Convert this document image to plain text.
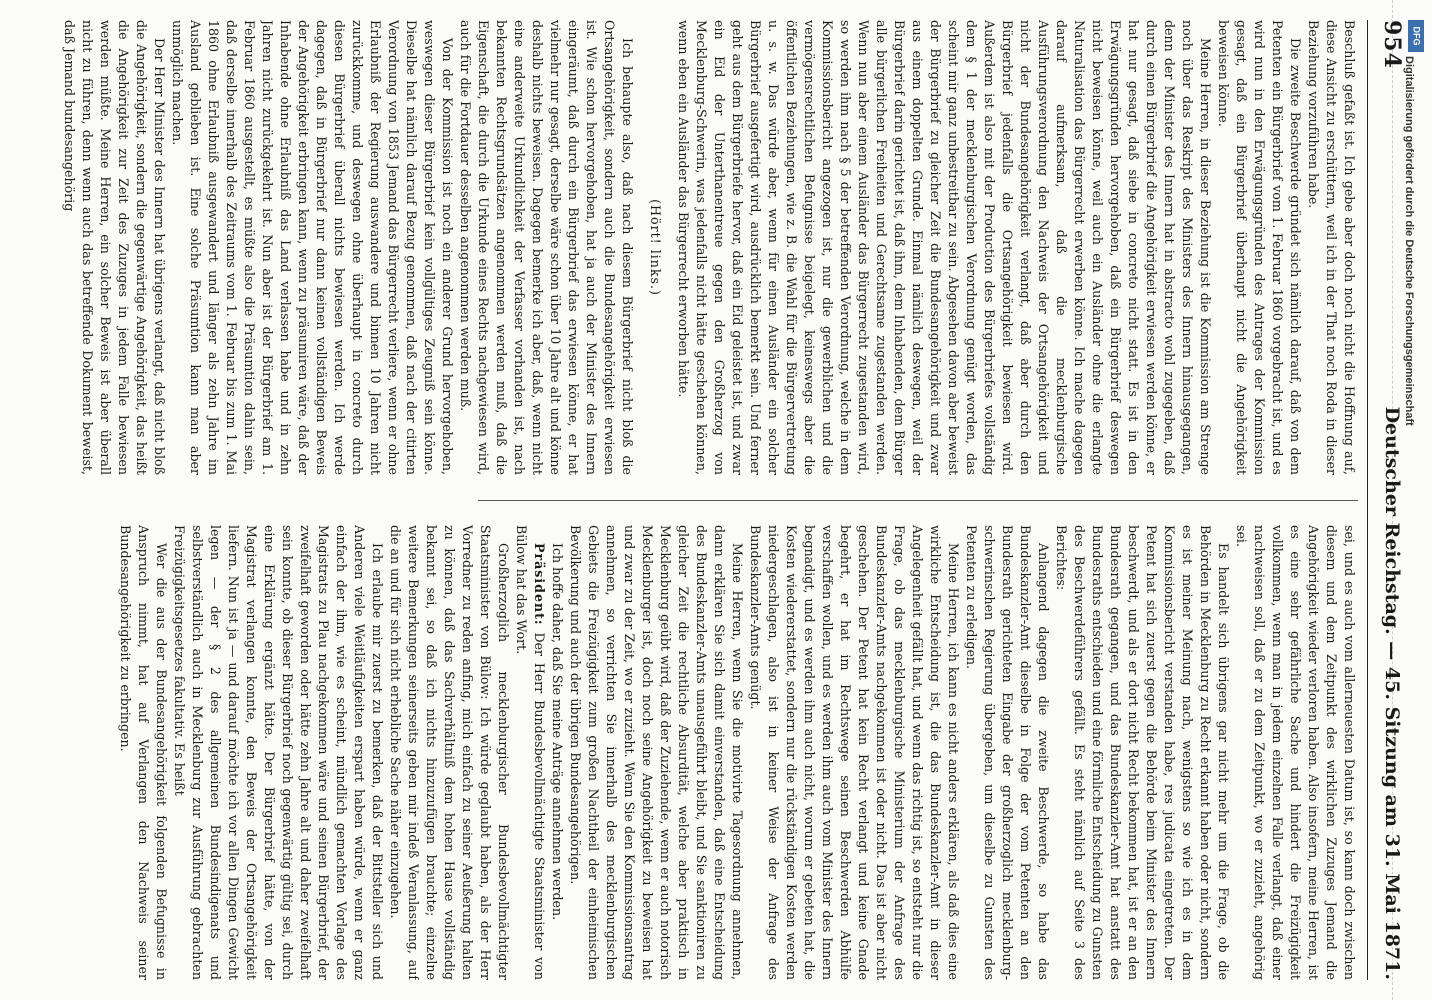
954
Deutscher Reichstag. — 45. Sitzung am 31. Mai 1871.

Beschluß gefaßt ist. Ich gebe aber doch noch nicht die Hoffnung auf, diese Ansicht zu erschüttern, weil ich in der That noch Roda in dieser Beziehung vorzuführen habe.

Die zweite Beschwerde gründet sich nämlich darauf, daß von dem Petenten ein Bürgerbrief vom 1. Februar 1860 vorgebracht ist, und es wird nun in den Erwägungsgründen des Antrages der Kommission gesagt, daß ein Bürgerbrief überhaupt nicht die Angehörigkeit beweisen könne.

Meine Herren, in dieser Beziehung ist die Kommission am Strenge noch über das Reskript des Ministers des Innern hinausgegangen, denn der Minister des Innern hat in abstracto wohl zugegeben, daß durch einen Bürgerbrief die Angehörigkeit erwiesen werden könne, er hat nur gesagt, daß siebe in concreto nicht statt. Es ist in den Erwägungsgründen hervorgehoben, daß ein Bürgerbrief deswegen nicht beweisen könne, weil auch ein Ausländer ohne die erlangte Naturalisation das Bürgerrecht erwerben könne. Ich mache dagegen darauf aufmerksam, daß die mecklenburgische Ausführungsverordnung den Nachweis der Ortsangehörigkeit und nicht der Bundesangehörigkeit verlangt, daß aber durch den Bürgerbrief jedenfalls die Ortsangehörigkeit bewiesen wird. Außerdem ist also mit der Production des Bürgerbriefes vollständig dem § 1 der mecklenburgischen Verordnung genügt worden, das scheint mir ganz unbestreitbar zu sein. Abgesehen davon aber beweist der Bürgerbrief zu gleicher Zeit die Bundesangehörigkeit und zwar aus einem doppelten Grunde. Einmal nämlich deswegen, weil der Bürgerbrief darin gerichtet ist, daß ihm, dem Inhabenden, dem Bürger alle bürgerlichen Freiheiten und Gerechtsame zugestanden werden. Wenn nun aber einem Ausländer das Bürgerrecht zugestanden wird, so werden ihm nach § 5 der betreffenden Verordnung, welche in dem Kommissionsbericht angezogen ist, nur die gewerblichen und die vermögensrechtlichen Befugnisse beigelegt, keineswegs aber die öffentlichen Beziehungen, wie z. B. die Wahl für die Bürgervertretung u. s. w. Das würde aber, wenn für einen Ausländer ein solcher Bürgerbrief ausgefertigt wird, ausdrücklich bemerkt sein. Und ferner geht aus dem Bürgerbriefe hervor, daß ein Eid geleistet ist, und zwar ein Eid der Unterthanentreue gegen den Großherzog von Mecklenburg-Schwerin, was jedenfalls nicht hätte geschehen können, wenn eben ein Ausländer das Bürgerrecht erworben hätte.

(Hört! links.)

Ich behaupte also, daß nach diesem Bürgerbrief nicht bloß die Ortsangehörigkeit, sondern auch die Bundesangehörigkeit erwiesen ist. Wie schon hervorgehoben, hat ja auch der Minister des Innern eingeräumt, daß durch ein Bürgerbrief das erwiesen könne, er hat vielmehr nur gesagt, derselbe wäre schon über 10 Jahre alt und könne deshalb nichts beweisen. Dagegen bemerke ich aber, daß, wenn nicht eine anderweite Urkundlichkeit der Verfasser vorhanden ist, nach bekannten Rechtsgrundsätzen angenommen werden muß, daß die Eigenschaft, die durch die Urkunde eines Rechts nachgewiesen wird, auch für die Fortdauer desselben angenommen werden muß.

Von der Kommission ist noch ein anderer Grund hervorgehoben, weswegen dieser Bürgerbrief kein vollgültiges Zeugniß sein könne. Dieselbe hat nämlich darauf Bezug genommen, daß nach der citirten Verordnung von 1853 Jemand das Bürgerrecht verliere, wenn er ohne Erlaubniß der Regierung auswandere und binnen 10 Jahren nicht zurückkomme, und deswegen ohne überhaupt in concreto durch diesen Bürgerbrief überall nichts bewiesen werden. Ich werde dagegen, daß in Bürgerbrief nur dann keinen vollständigen Beweis der Angehörigkeit erbringen kann, wenn zu präsumiren wäre, daß der Inhabende ohne Erlaubniß das Land verlassen habe und in zehn Jahren nicht zurückgekehrt ist. Nun aber ist der Bürgerbrief am 1. Februar 1860 ausgestellt, es müßte also die Präsumtion dahin sein, daß derselbe innerhalb des Zeitraums vom 1. Februar bis zum 1. Mai 1860 ohne Erlaubniß ausgewandert und länger als zehn Jahre im Ausland geblieben ist. Eine solche Präsumtion kann man aber unmöglich machen.

Der Herr Minister des Innern hat übrigens verlangt, daß nicht bloß die Angehörigkeit, sondern die gegenwärtige Angehörigkeit, das heißt die Angehörigkeit zur Zeit des Zuzuges in jedem Falle bewiesen werden müßte. Meine Herren, ein solcher Beweis ist aber überall nicht zu führen, denn wenn auch das betreffende Dokument beweist, daß Jemand bundesangehörig

sei, und es auch vom allerneuesten Datum ist, so kann doch zwischen diesem und dem Zeitpunkt des wirklichen Zuzuges Jemand die Angehörigkeit wieder verloren haben. Also insofern, meine Herren, ist es eine sehr gefährliche Sache und hindert die Freizügigkeit vollkommen, wenn man in jedem einzelnen Falle verlangt, daß einer nachweisen soll, daß er zu dem Zeitpunkt, wo er zuzieht, angehörig sei.

Es handelt sich übrigens gar nicht mehr um die Frage, ob die Behörden in Mecklenburg zu Recht erkannt haben oder nicht, sondern es ist meiner Meinung nach, wenigstens so wie ich es in dem Kommissionsbericht verstanden habe, res judicata eingetreten. Der Petent hat sich zuerst gegen die Behörde beim Minister des Innern beschwerdt, und als er dort nicht Recht bekommen hat, ist er an den Bundesrath gegangen, und das Bundeskanzler-Amt hat anstatt des Bundesraths entschieden und eine förmliche Entscheidung zu Gunsten des Beschwerdeführers gefällt. Es steht nämlich auf Seite 3 des Berichtes:

Anlangend dagegen die zweite Beschwerde, so habe das Bundeskanzler-Amt dieselbe in Folge der vom Petenten an den Bundesrath gerichteten Eingabe der großherzoglich mecklenburg-schwerinschen Regierung übergeben, um dieselbe zu Gunsten des Petenten zu erledigen.

Meine Herren, ich kann es nicht anders erklären, als daß dies eine wirkliche Entscheidung ist, die das Bundeskanzler-Amt in dieser Angelegenheit gefällt hat, und wenn das richtig ist, so entsteht nur die Frage, ob das mecklenburgische Ministerium der Anfrage des Bundeskanzler-Amts nachgekommen ist oder nicht. Das ist aber nicht geschehen. Der Petent hat kein Recht verlangt und keine Gnade begehrt, er hat im Rechtswege seinen Beschwerden Abhülfe verschaffen wollen, und es werden ihm auch vom Minister des Innern begnadigt, und es werden ihm auch nicht, worum er gebeten hat, die Kosten wiedererstattet, sondern nur die rückständigen Kosten werden niedergeschlagen, also ist in keiner Weise der Anfrage des Bundeskanzler-Amts genügt.

Meine Herren, wenn Sie die motivirte Tagesordnung annehmen, dann erklären Sie sich damit einverstanden, daß eine Entscheidung des Bundeskanzler-Amts unausgeführt bleibt, und Sie sanktioniren zu gleicher Zeit die rechtliche Absurdität, welche aber praktisch in Mecklenburg geübt wird, daß der Zuziehende, wenn er auch notorisch Mecklenburger ist, doch noch seine Angehörigkeit zu beweisen hat und zwar zu der Zeit, wo er zuzieht. Wenn Sie den Kommissionsantrag annehmen, so verrichten Sie innerhalb des mecklenburgischen Gebiets die Freizügigkeit zum großen Nachtheil der einheimischen Bevölkerung und auch der übrigen Bundesangehörigen.

Ich hoffe daher, daß Sie meine Anträge annehmen werden.

Präsident: Der Herr Bundesbevollmächtigte Staatsminister von Bülow hat das Wort.

Großherzoglich mecklenburgischer Bundesbevollmächtigter Staatsminister von Bülow: Ich würde geglaubt haben, als der Herr Vorredner zu reden anfing, mich einfach zu seiner Aeußerung halten zu können, daß das Sachverhältniß dem hohen Hause vollständig bekannt sei, so daß ich nichts hinzuzufügen brauchte; einzelne weitere Bemerkungen seinerseits geben mir indeß Veranlassung, auf die an und für sich nicht erhebliche Sache näher einzugehen.

Ich erlaube mir zuerst zu bemerken, daß der Bittsteller sich und Anderen viele Weitläufigkeiten erspart haben würde, wenn er ganz einfach der ihm, wie es scheint, mündlich gemachten Vorlage des Magistrats zu Plau nachgekommen wäre und seinen Bürgerbrief, der zweifelhaft geworden oder hätte zehn Jahre alt und daher zweifelhaft sein konnte, ob dieser Bürgerbrief noch gegenwärtig gültig sei, durch eine Erklärung ergänzt hätte. Der Bürgerbrief hätte, von der Magistrat verlangen konnte, den Beweis der Ortsangehörigkeit liefern. Nun ist ja — und darauf möchte ich vor allen Dingen Gewicht legen — der § 2 des allgemeinen Bundesindigenats und selbstverständlich auch in Mecklenburg zur Ausführung gebrachten Freizügigkeitsgesetzes fakultativ. Es heißt

Wer die aus der Bundesangehörigkeit folgenden Befugnisse in Anspruch nimmt, hat auf Verlangen den Nachweis seiner Bundesangehörigkeit zu erbringen.

DFG
Digitalisierung gefördert durch die Deutsche Forschungsgemeinschaft
